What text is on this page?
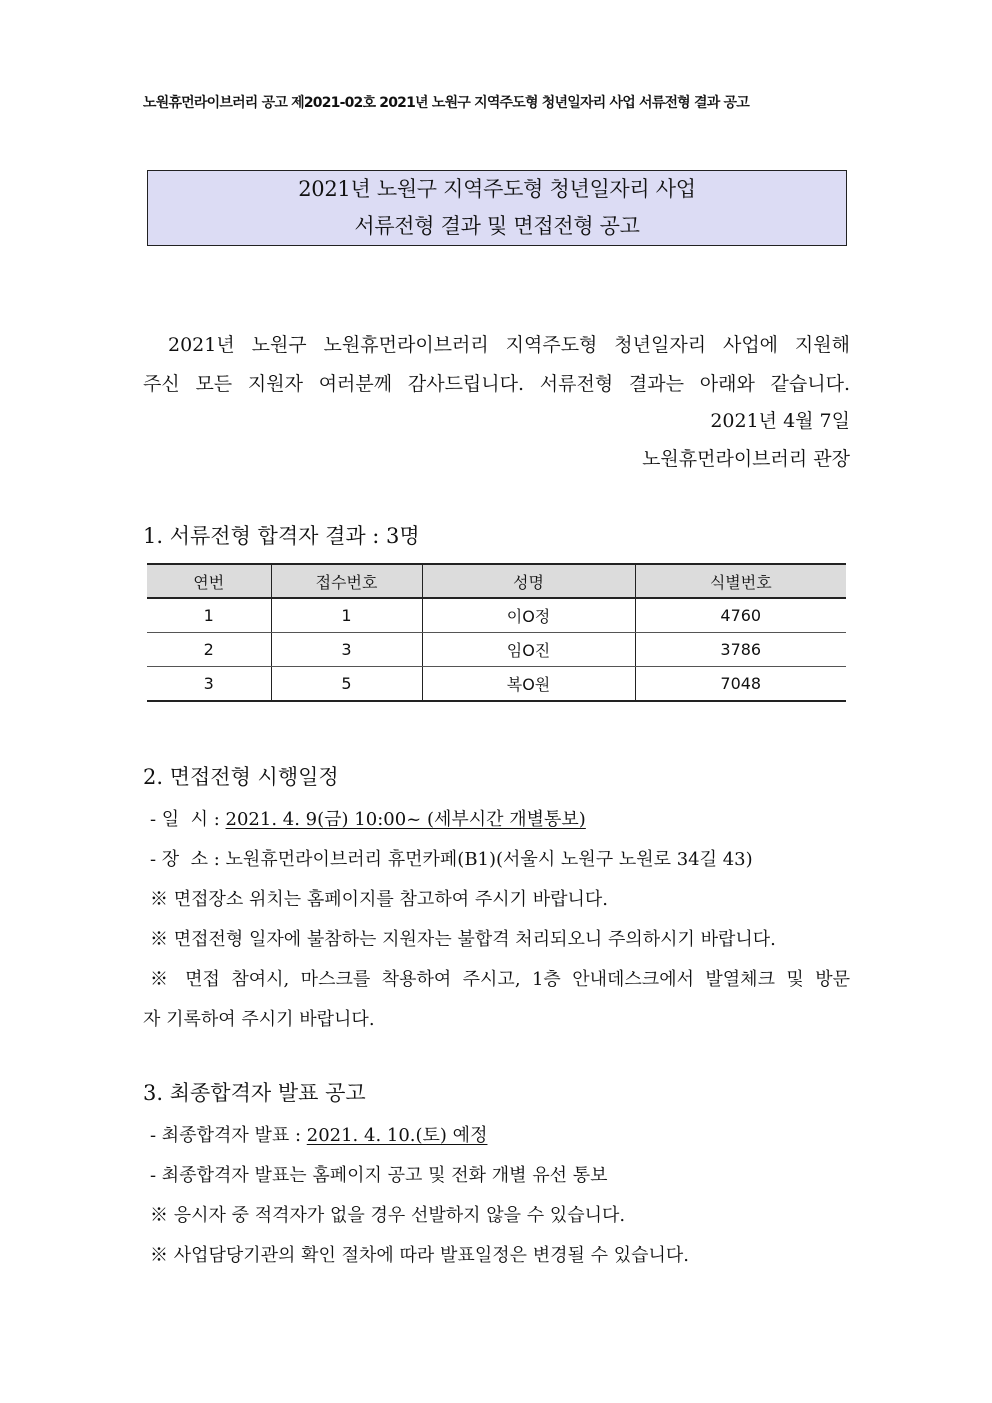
노원휴먼라이브러리 공고 제2021-02호 2021년 노원구 지역주도형 청년일자리 사업 서류전형 결과 공고
2021년 노원구 지역주도형 청년일자리 사업
서류전형 결과 및 면접전형 공고
2021년 노원구 노원휴먼라이브러리 지역주도형 청년일자리 사업에 지원해
주신 모든 지원자 여러분께 감사드립니다. 서류전형 결과는 아래와 같습니다.
2021년 4월 7일
노원휴먼라이브러리 관장
1. 서류전형 합격자 결과 : 3명
연번	접수번호	성명	식별번호
1	1	이O정	4760
2	3	임O진	3786
3	5	복O원	7048
2. 면접전형 시행일정
- 일  시 : 2021. 4. 9(금) 10:00~ (세부시간 개별통보)
- 장  소 : 노원휴먼라이브러리 휴먼카페(B1)(서울시 노원구 노원로 34길 43)
※ 면접장소 위치는 홈페이지를 참고하여 주시기 바랍니다.
※ 면접전형 일자에 불참하는 지원자는 불합격 처리되오니 주의하시기 바랍니다.
※ 면접 참여시, 마스크를 착용하여 주시고, 1층 안내데스크에서 발열체크 및 방문
자 기록하여 주시기 바랍니다.
3. 최종합격자 발표 공고
- 최종합격자 발표 : 2021. 4. 10.(토) 예정
- 최종합격자 발표는 홈페이지 공고 및 전화 개별 유선 통보
※ 응시자 중 적격자가 없을 경우 선발하지 않을 수 있습니다.
※ 사업담당기관의 확인 절차에 따라 발표일정은 변경될 수 있습니다.
